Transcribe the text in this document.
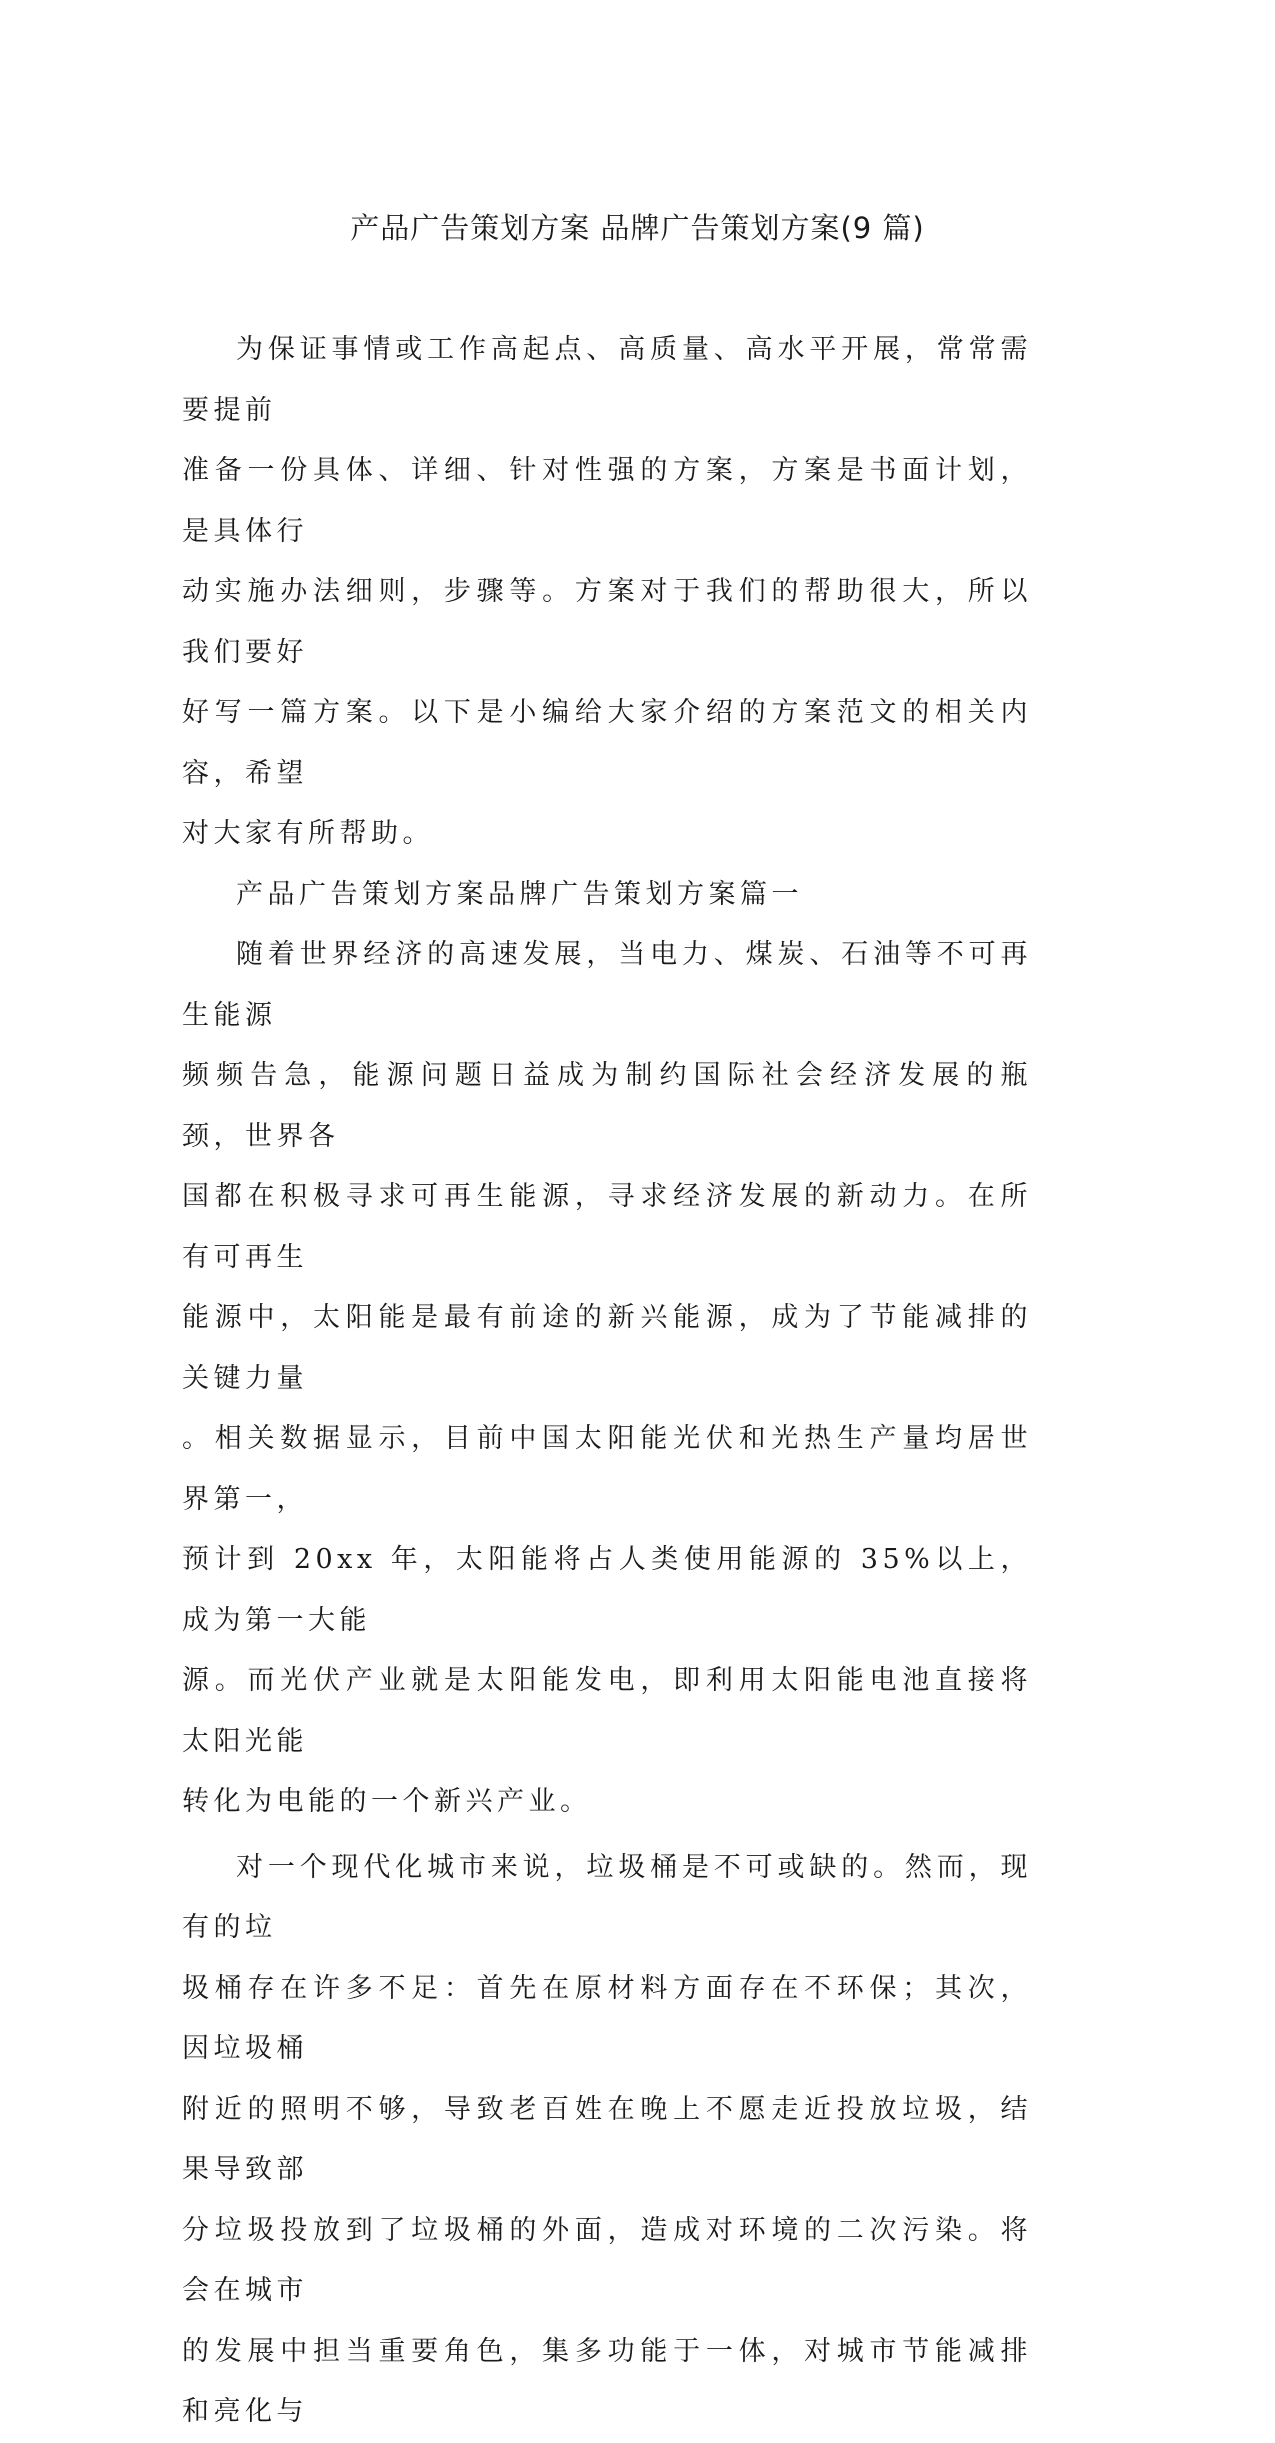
产品广告策划方案 品牌广告策划方案(9 篇)

为保证事情或工作高起点、高质量、高水平开展，常常需要提前
准备一份具体、详细、针对性强的方案，方案是书面计划，是具体行
动实施办法细则，步骤等。方案对于我们的帮助很大，所以我们要好
好写一篇方案。以下是小编给大家介绍的方案范文的相关内容，希望
对大家有所帮助。

产品广告策划方案品牌广告策划方案篇一

随着世界经济的高速发展，当电力、煤炭、石油等不可再生能源
频频告急，能源问题日益成为制约国际社会经济发展的瓶颈，世界各
国都在积极寻求可再生能源，寻求经济发展的新动力。在所有可再生
能源中，太阳能是最有前途的新兴能源，成为了节能减排的关键力量
。相关数据显示，目前中国太阳能光伏和光热生产量均居世界第一，
预计到 20xx 年，太阳能将占人类使用能源的 35%以上，成为第一大能
源。而光伏产业就是太阳能发电，即利用太阳能电池直接将太阳光能
转化为电能的一个新兴产业。

对一个现代化城市来说，垃圾桶是不可或缺的。然而，现有的垃
圾桶存在许多不足：首先在原材料方面存在不环保；其次，因垃圾桶
附近的照明不够，导致老百姓在晚上不愿走近投放垃圾，结果导致部
分垃圾投放到了垃圾桶的外面，造成对环境的二次污染。将会在城市
的发展中担当重要角色，集多功能于一体，对城市节能减排和亮化与
